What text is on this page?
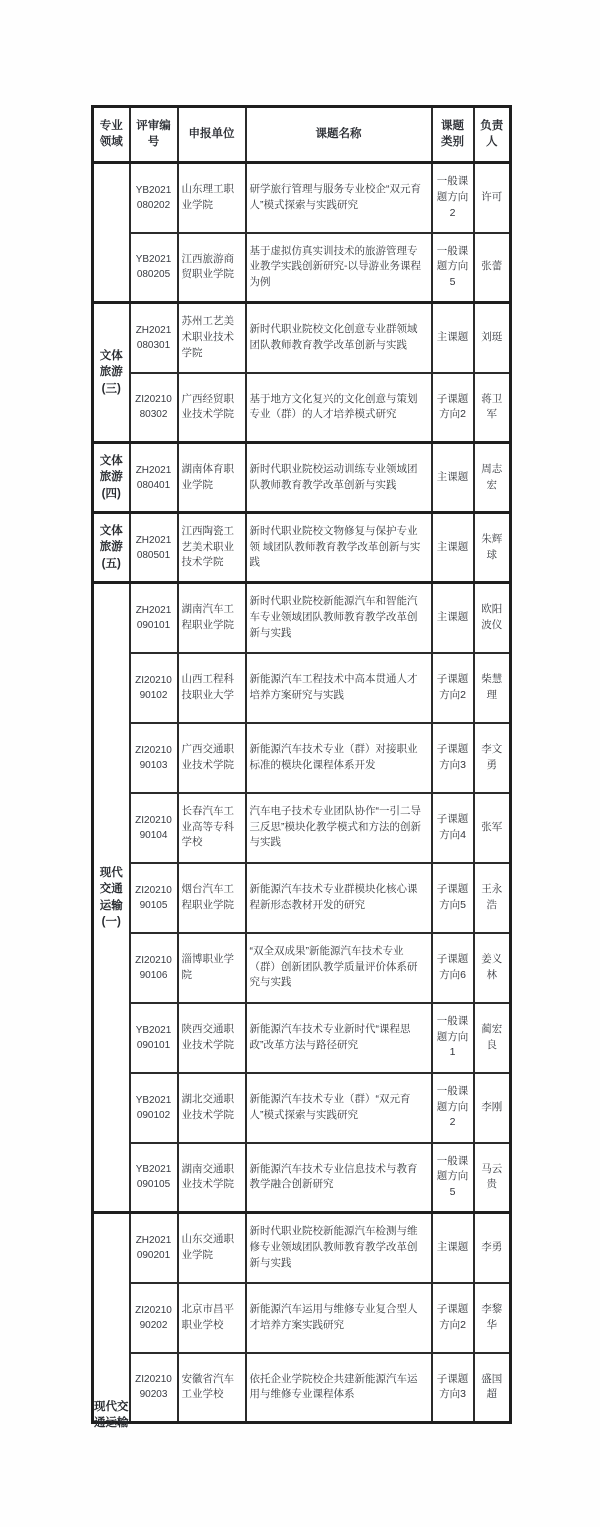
专业领域	评审编号	申报单位	课题名称	课题类别	负责人
	YB2021080202	山东理工职业学院	研学旅行管理与服务专业校企“双元育人”模式探索与实践研究	一般课题方向2	许可
	YB2021080205	江西旅游商贸职业学院	基于虚拟仿真实训技术的旅游管理专业教学实践创新研究-以导游业务课程为例	一般课题方向5	张蕾
文体旅游(三)	ZH2021080301	苏州工艺美术职业技术学院	新时代职业院校文化创意专业群领域团队教师教育教学改革创新与实践	主课题	刘珽
	ZI2021080302	广西经贸职业技术学院	基于地方文化复兴的文化创意与策划专业（群）的人才培养模式研究	子课题方向2	蒋卫军
文体旅游(四)	ZH2021080401	湖南体育职业学院	新时代职业院校运动训练专业领域团队教师教育教学改革创新与实践	主课题	周志宏
文体旅游(五)	ZH2021080501	江西陶瓷工艺美术职业技术学院	新时代职业院校文物修复与保护专业领 域团队教师教育教学改革创新与实践	主课题	朱辉球
现代交通运输(一)	ZH2021090101	湖南汽车工程职业学院	新时代职业院校新能源汽车和智能汽车专业领域团队教师教育教学改革创新与实践	主课题	欧阳波仪
	ZI2021090102	山西工程科技职业大学	新能源汽车工程技术中高本贯通人才培养方案研究与实践	子课题方向2	柴慧理
	ZI2021090103	广西交通职业技术学院	新能源汽车技术专业（群）对接职业标准的模块化课程体系开发	子课题方向3	李文勇
	ZI2021090104	长春汽车工业高等专科学校	汽车电子技术专业团队协作“一引二导三反思”模块化教学模式和方法的创新与实践	子课题方向4	张军
	ZI2021090105	烟台汽车工程职业学院	新能源汽车技术专业群模块化核心课程新形态教材开发的研究	子课题方向5	王永浩
	ZI2021090106	淄博职业学院	“双全双成果”新能源汽车技术专业（群）创新团队教学质量评价体系研究与实践	子课题方向6	姜义林
	YB2021090101	陕西交通职业技术学院	新能源汽车技术专业新时代“课程思政”改革方法与路径研究	一般课题方向1	蔺宏良
	YB2021090102	湖北交通职业技术学院	新能源汽车技术专业（群）“双元育人”模式探索与实践研究	一般课题方向2	李刚
	YB2021090105	湖南交通职业技术学院	新能源汽车技术专业信息技术与教育教学融合创新研究	一般课题方向5	马云贵

现代交通运输	ZH2021090201	山东交通职业学院	新时代职业院校新能源汽车检测与维修专业领域团队教师教育教学改革创新与实践	主课题	李勇
	ZI2021090202	北京市昌平职业学校	新能源汽车运用与维修专业复合型人才培养方案实践研究	子课题方向2	李黎华
	ZI2021090203	安徽省汽车工业学校	依托企业学院校企共建新能源汽车运用与维修专业课程体系	子课题方向3	盛国超
